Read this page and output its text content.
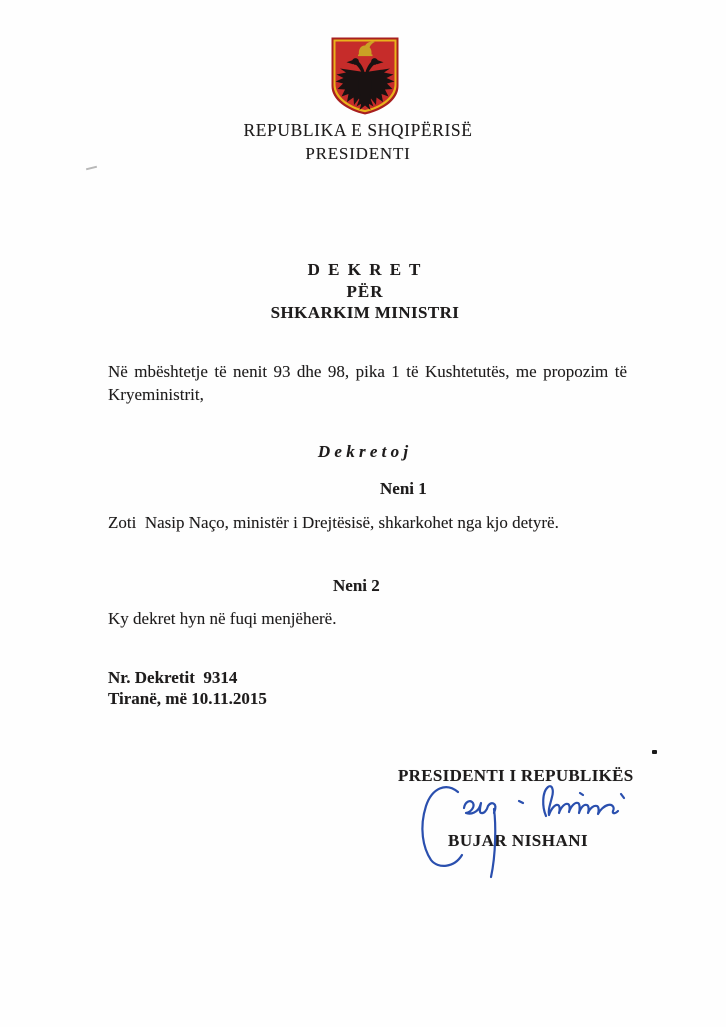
REPUBLIKA E SHQIPËRISË
PRESIDENTI
D E K R E T
PËR
SHKARKIM MINISTRI

Në mbështetje të nenit 93 dhe 98, pika 1 të Kushtetutës, me propozim të Kryeministrit,

D e k r e t o j
Neni 1

Zoti  Nasip Naço, ministër i Drejtësisë, shkarkohet nga kjo detyrë.

Neni 2

Ky dekret hyn në fuqi menjëherë.

Nr. Dekretit  9314
Tiranë, më 10.11.2015
PRESIDENTI I REPUBLIKËS
BUJAR NISHANI
